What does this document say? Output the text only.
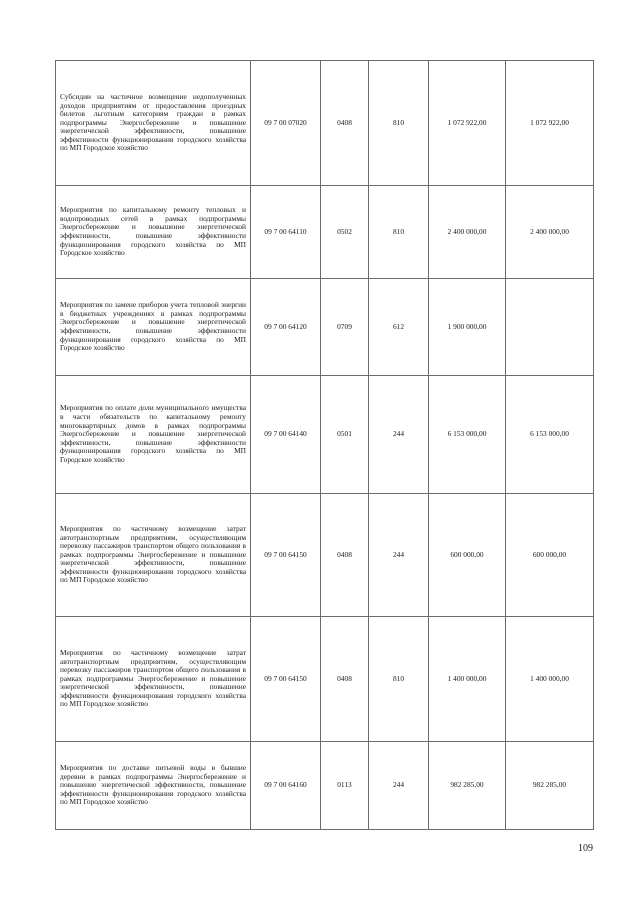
Субсидии на частичное возмещение недополученных доходов предприятиям от предоставления проездных билетов льготным категориям граждан в рамках подпрограммы Энергосбережение и повышение энергетической эффективности, повышение эффективности функционирования городского хозяйства по МП Городское хозяйство	09 7 00 07020	0408	810	1 072 922,00	1 072 922,00
Мероприятия по капитальному ремонту тепловых и водопроводных сетей в рамках подпрограммы Энергосбережение и повышение энергетической эффективности, повышение эффективности функционирования городского хозяйства по МП Городское хозяйство	09 7 00 64110	0502	810	2 400 000,00	2 400 000,00
Мероприятия по замене приборов учета тепловой энергии в бюджетных учреждениях в рамках подпрограммы Энергосбережение и повышение энергетической эффективности, повышение эффективности функционирования городского хозяйства по МП Городское хозяйство	09 7 00 64120	0709	612	1 900 000,00	
Мероприятия по оплате доли муниципального имущества в части обязательств по капитальному ремонту многоквартирных домов в рамках подпрограммы Энергосбережение и повышение энергетической эффективности, повышение эффективности функционирования городского хозяйства по МП Городское хозяйство	09 7 00 64140	0501	244	6 153 000,00	6 153 000,00
Мероприятия по частичному возмещение затрат автотранспортным предприятиям, осуществляющим перевозку пассажиров транспортом общего пользования в рамках подпрограммы Энергосбережение и повышение энергетической эффективности, повышение эффективности функционирования городского хозяйства по МП Городское хозяйство	09 7 00 64150	0408	244	600 000,00	600 000,00
Мероприятия по частичному возмещение затрат автотранспортным предприятиям, осуществляющим перевозку пассажиров транспортом общего пользования в рамках подпрограммы Энергосбережение и повышение энергетической эффективности, повышение эффективности функционирования городского хозяйства по МП Городское хозяйство	09 7 00 64150	0408	810	1 400 000,00	1 400 000,00
Мероприятия по доставке питьевой воды в бывшие деревни в рамках подпрограммы Энергосбережение и повышение энергетической эффективности, повышение эффективности функционирования городского хозяйства по МП Городское хозяйство	09 7 00 64160	0113	244	982 285,00	982 285,00
109
